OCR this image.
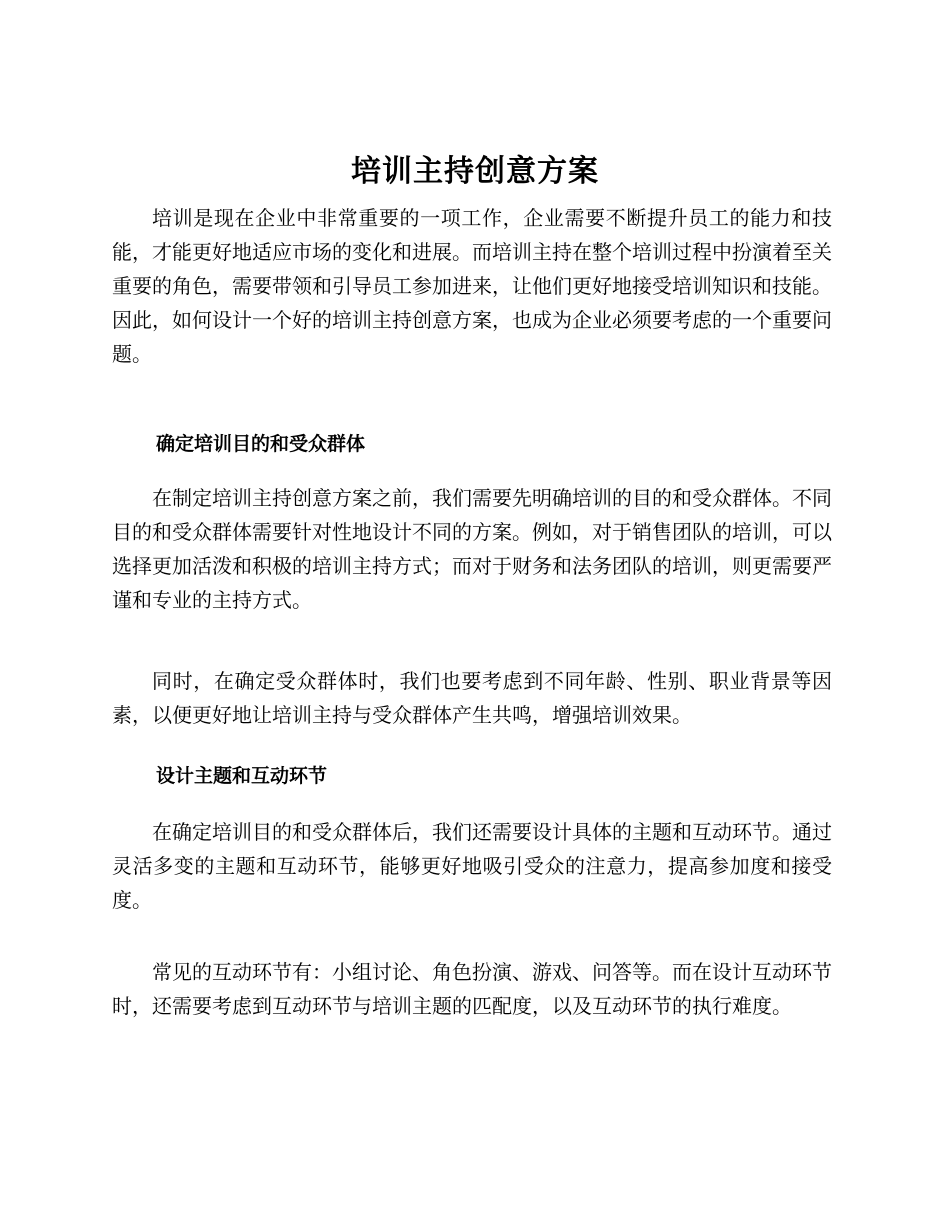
培训主持创意方案

培训是现在企业中非常重要的一项工作，企业需要不断提升员工的能力和技能，才能更好地适应市场的变化和进展。而培训主持在整个培训过程中扮演着至关重要的角色，需要带领和引导员工参加进来，让他们更好地接受培训知识和技能。因此，如何设计一个好的培训主持创意方案，也成为企业必须要考虑的一个重要问题。

确定培训目的和受众群体

在制定培训主持创意方案之前，我们需要先明确培训的目的和受众群体。不同目的和受众群体需要针对性地设计不同的方案。例如，对于销售团队的培训，可以选择更加活泼和积极的培训主持方式；而对于财务和法务团队的培训，则更需要严谨和专业的主持方式。

同时，在确定受众群体时，我们也要考虑到不同年龄、性别、职业背景等因素，以便更好地让培训主持与受众群体产生共鸣，增强培训效果。

设计主题和互动环节

在确定培训目的和受众群体后，我们还需要设计具体的主题和互动环节。通过灵活多变的主题和互动环节，能够更好地吸引受众的注意力，提高参加度和接受度。

常见的互动环节有：小组讨论、角色扮演、游戏、问答等。而在设计互动环节时，还需要考虑到互动环节与培训主题的匹配度，以及互动环节的执行难度。
